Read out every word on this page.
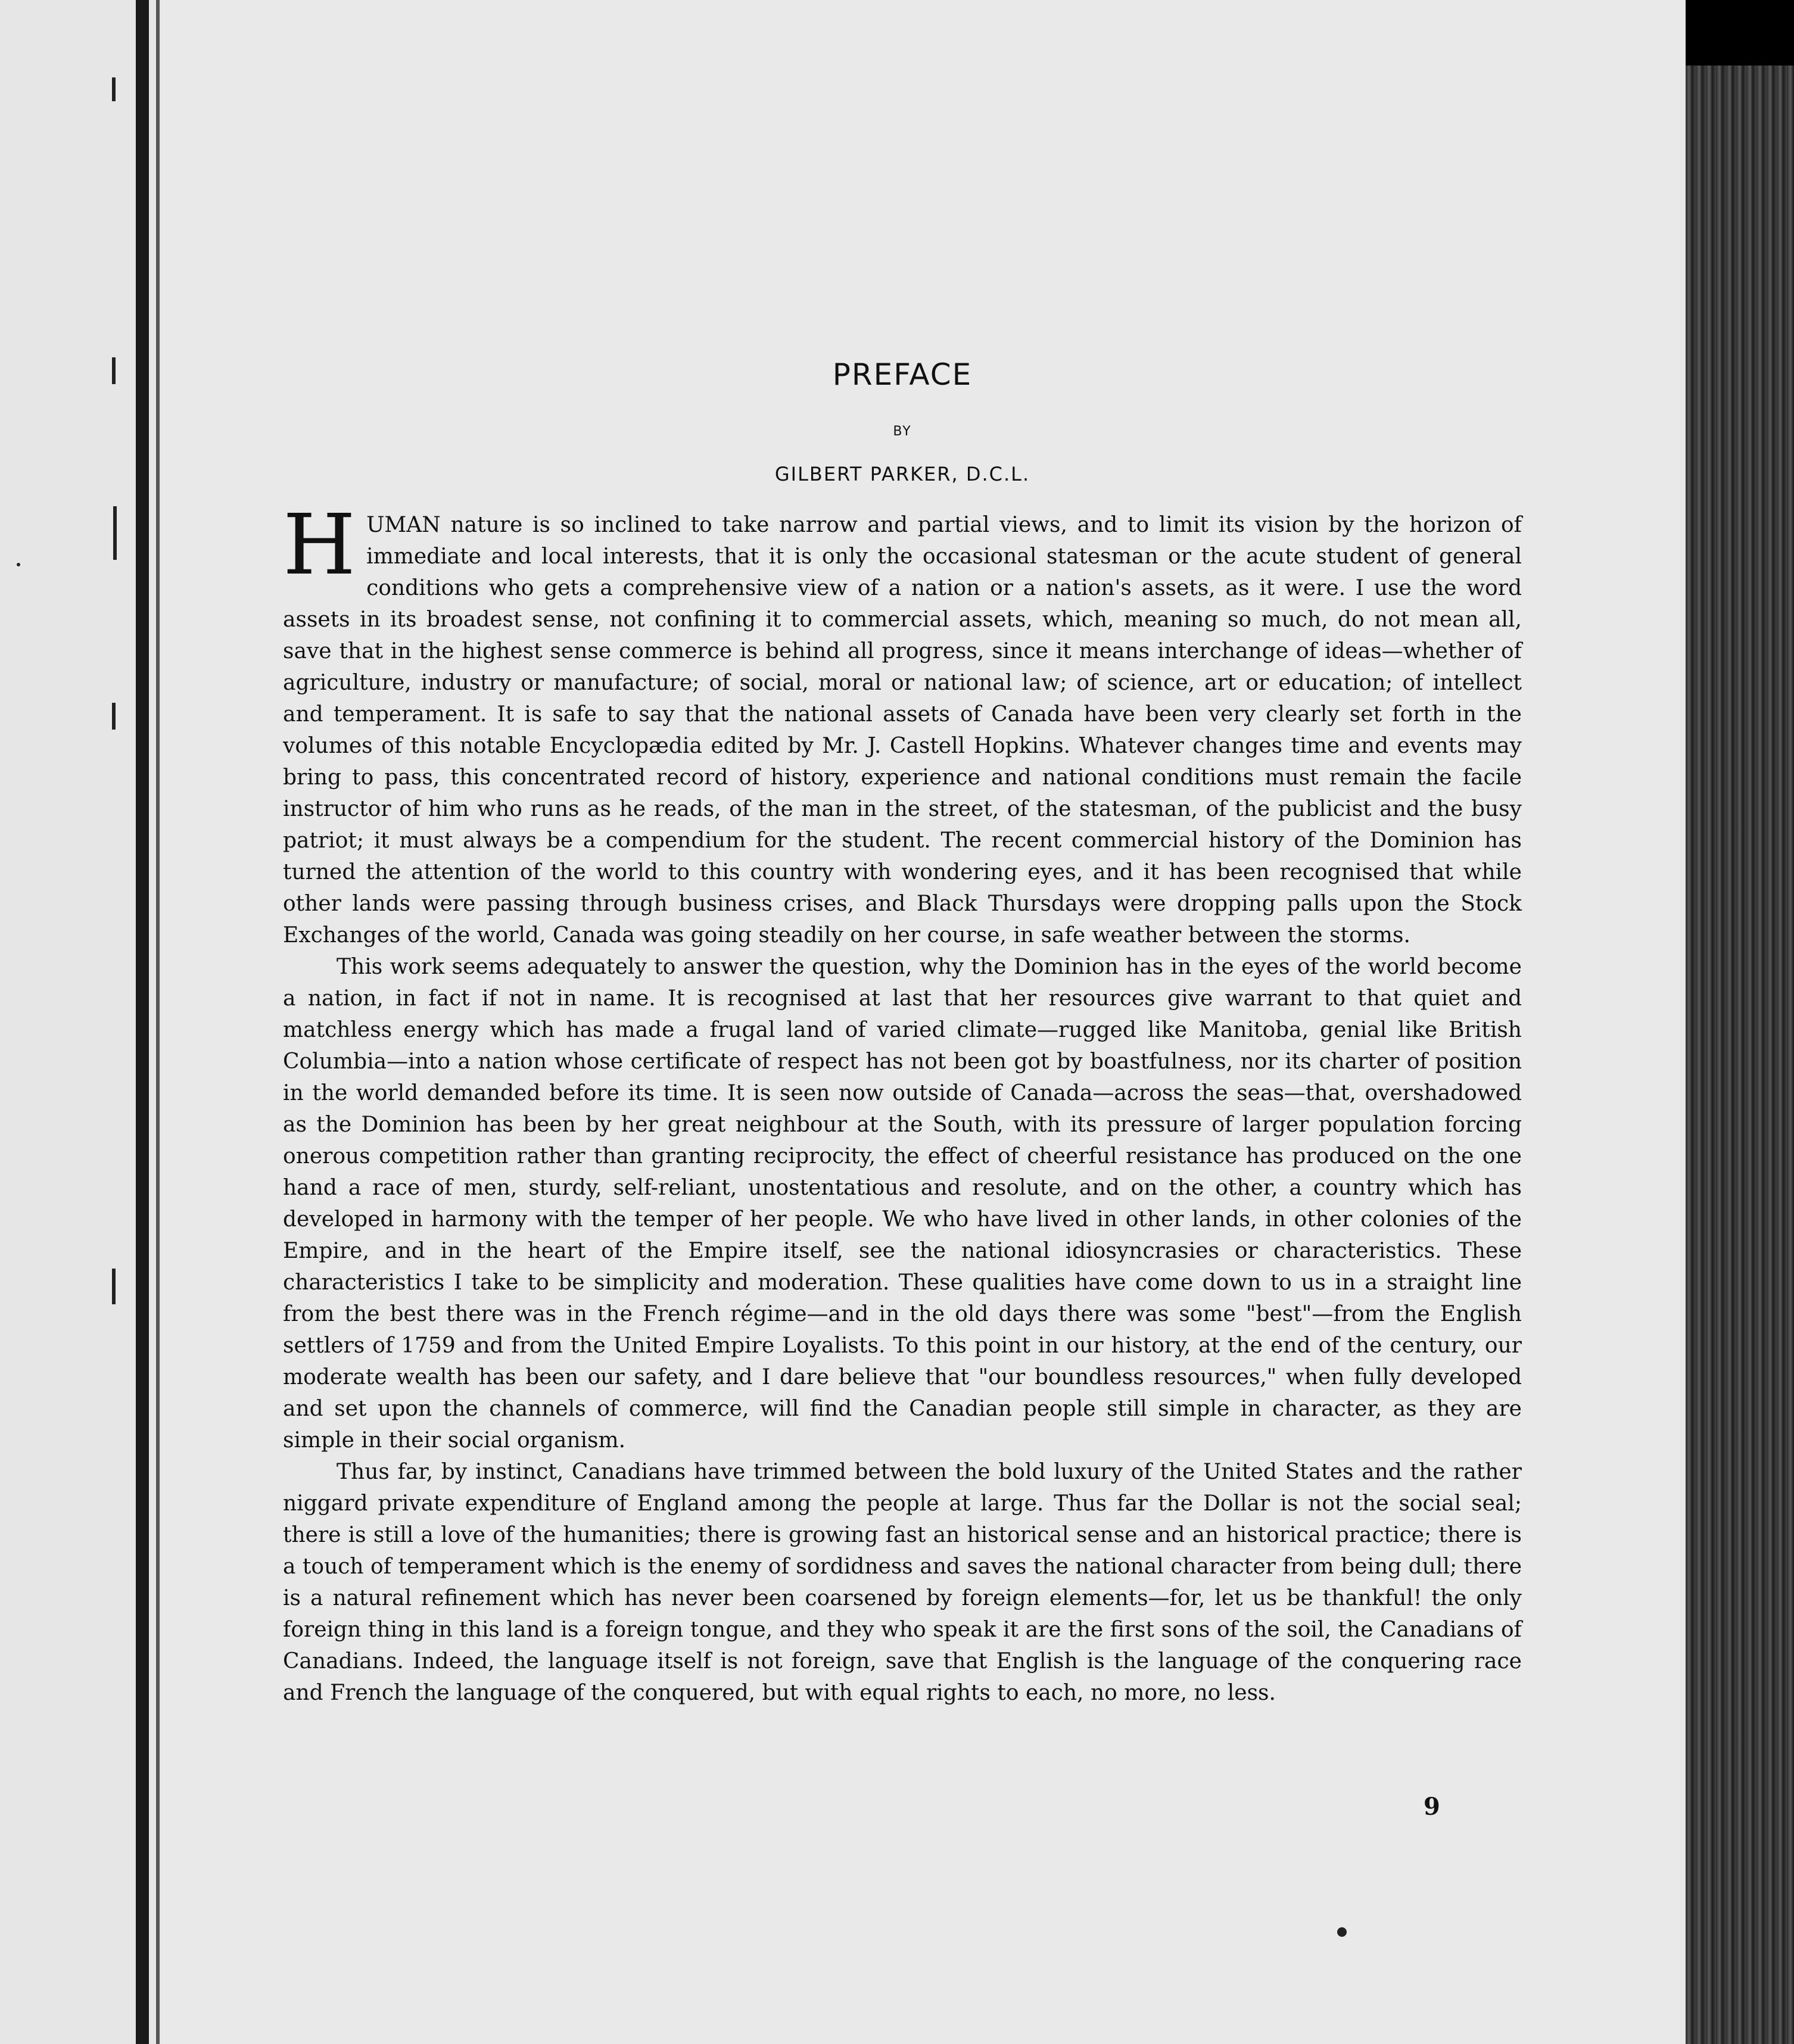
PREFACE
BY
GILBERT PARKER, D.C.L.

HUMAN nature is so inclined to take narrow and partial views, and to limit its vision by the horizon of immediate and local interests, that it is only the occasional statesman or the acute student of general conditions who gets a comprehensive view of a nation or a nation's assets, as it were. I use the word assets in its broadest sense, not confining it to commercial assets, which, meaning so much, do not mean all, save that in the highest sense commerce is behind all progress, since it means interchange of ideas—whether of agriculture, industry or manufacture; of social, moral or national law; of science, art or education; of intellect and temperament. It is safe to say that the national assets of Canada have been very clearly set forth in the volumes of this notable Encyclopædia edited by Mr. J. Castell Hopkins. Whatever changes time and events may bring to pass, this concentrated record of history, experience and national conditions must remain the facile instructor of him who runs as he reads, of the man in the street, of the statesman, of the publicist and the busy patriot; it must always be a compendium for the student. The recent commercial history of the Dominion has turned the attention of the world to this country with wondering eyes, and it has been recognised that while other lands were passing through business crises, and Black Thursdays were dropping palls upon the Stock Exchanges of the world, Canada was going steadily on her course, in safe weather between the storms.

This work seems adequately to answer the question, why the Dominion has in the eyes of the world become a nation, in fact if not in name. It is recognised at last that her resources give warrant to that quiet and matchless energy which has made a frugal land of varied climate—rugged like Manitoba, genial like British Columbia—into a nation whose certificate of respect has not been got by boastfulness, nor its charter of position in the world demanded before its time. It is seen now outside of Canada—across the seas—that, overshadowed as the Dominion has been by her great neighbour at the South, with its pressure of larger population forcing onerous competition rather than granting reciprocity, the effect of cheerful resistance has produced on the one hand a race of men, sturdy, self-reliant, unostentatious and resolute, and on the other, a country which has developed in harmony with the temper of her people. We who have lived in other lands, in other colonies of the Empire, and in the heart of the Empire itself, see the national idiosyncrasies or characteristics. These characteristics I take to be simplicity and moderation. These qualities have come down to us in a straight line from the best there was in the French régime—and in the old days there was some "best"—from the English settlers of 1759 and from the United Empire Loyalists. To this point in our history, at the end of the century, our moderate wealth has been our safety, and I dare believe that "our boundless resources," when fully developed and set upon the channels of commerce, will find the Canadian people still simple in character, as they are simple in their social organism.

Thus far, by instinct, Canadians have trimmed between the bold luxury of the United States and the rather niggard private expenditure of England among the people at large. Thus far the Dollar is not the social seal; there is still a love of the humanities; there is growing fast an historical sense and an historical practice; there is a touch of temperament which is the enemy of sordidness and saves the national character from being dull; there is a natural refinement which has never been coarsened by foreign elements—for, let us be thankful! the only foreign thing in this land is a foreign tongue, and they who speak it are the first sons of the soil, the Canadians of Canadians. Indeed, the language itself is not foreign, save that English is the language of the conquering race and French the language of the conquered, but with equal rights to each, no more, no less.

9
